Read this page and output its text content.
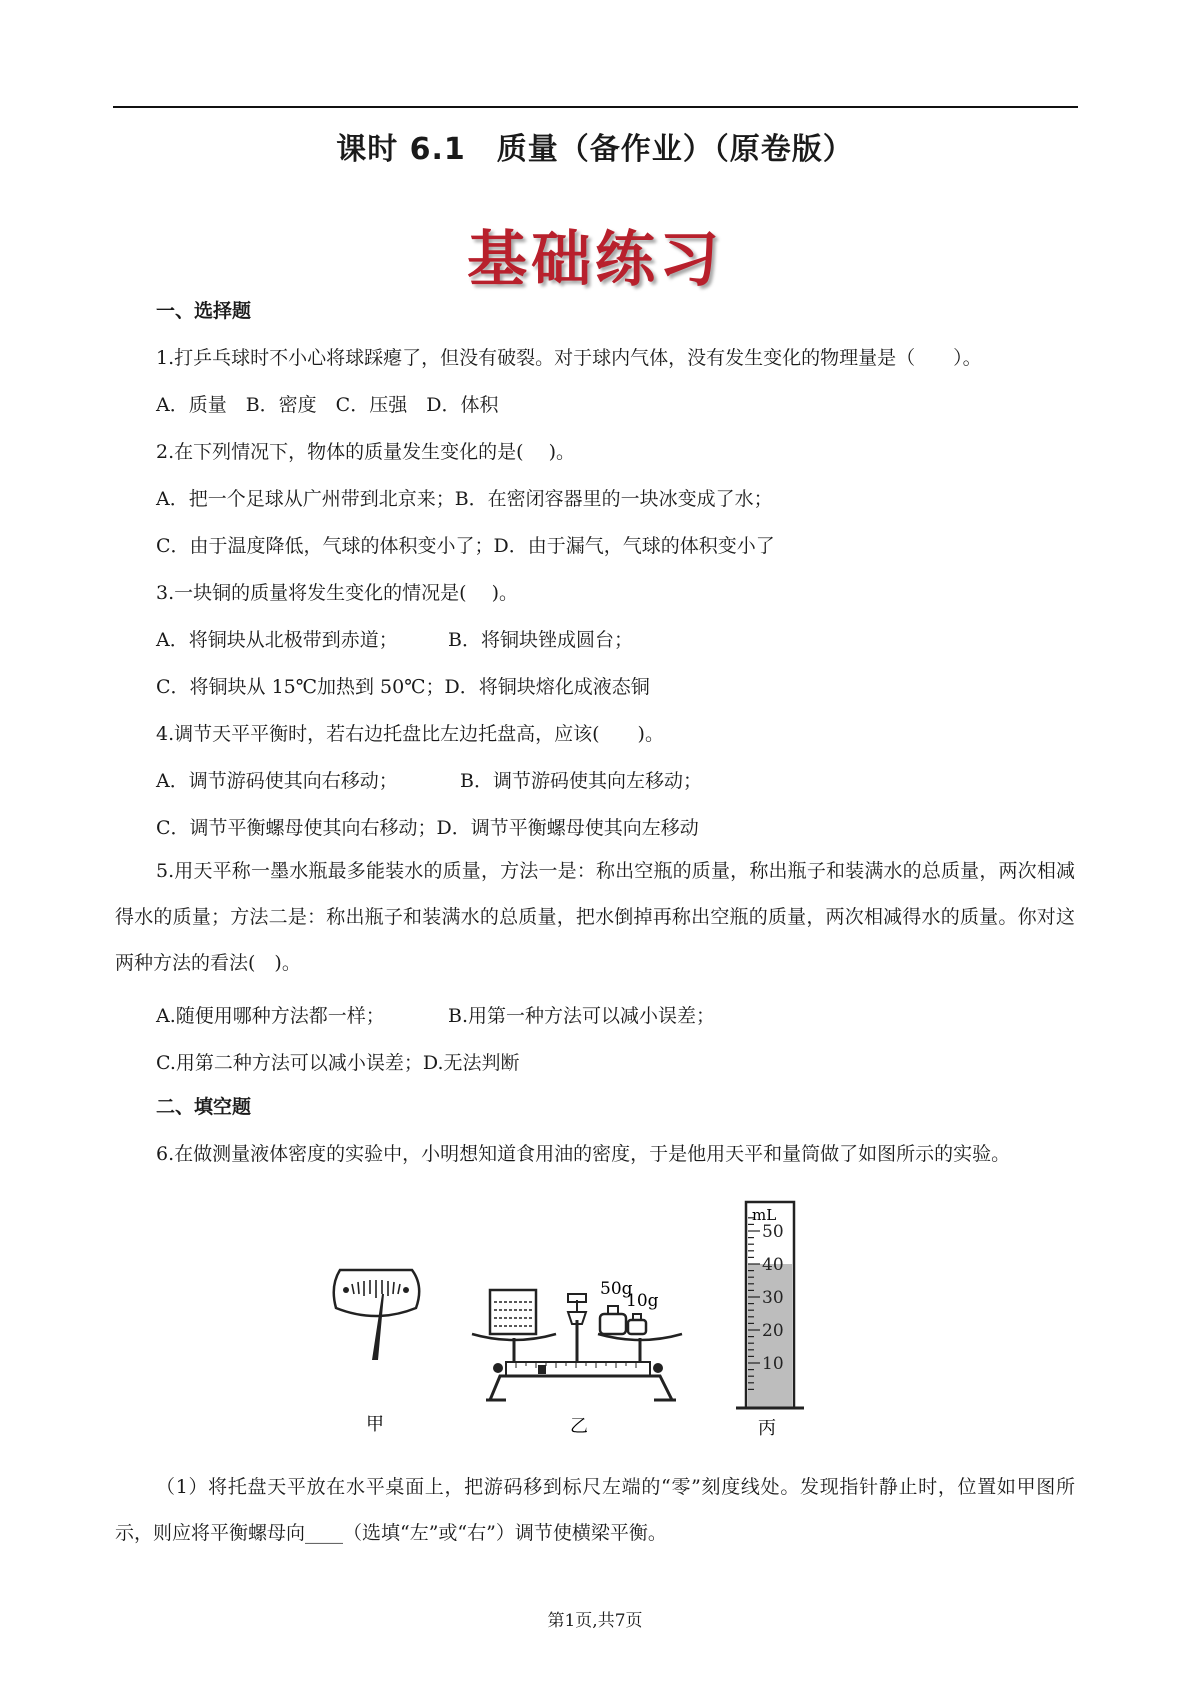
课时 6.1　质量（备作业）（原卷版）
基础练习
一、选择题
1.打乒乓球时不小心将球踩瘪了，但没有破裂。对于球内气体，没有发生变化的物理量是（　　）。
A．质量　B．密度　C．压强　D．体积
2.在下列情况下，物体的质量发生变化的是(　 )。
A．把一个足球从广州带到北京来；B．在密闭容器里的一块冰变成了水；
C．由于温度降低，气球的体积变小了；D．由于漏气，气球的体积变小了
3.一块铜的质量将发生变化的情况是(　 )。
A．将铜块从北极带到赤道；	B．将铜块锉成圆台；
C．将铜块从 15℃加热到 50℃；D．将铜块熔化成液态铜
4.调节天平平衡时，若右边托盘比左边托盘高，应该(　　)。
A．调节游码使其向右移动；	B．调节游码使其向左移动；
C．调节平衡螺母使其向右移动；D．调节平衡螺母使其向左移动
5.用天平称一墨水瓶最多能装水的质量，方法一是：称出空瓶的质量，称出瓶子和装满水的总质量，两次相减得水的质量；方法二是：称出瓶子和装满水的总质量，把水倒掉再称出空瓶的质量，两次相减得水的质量。你对这两种方法的看法(　)。
A.随便用哪种方法都一样；	B.用第一种方法可以减小误差；
C.用第二种方法可以减小误差；D.无法判断
二、填空题
6.在做测量液体密度的实验中，小明想知道食用油的密度，于是他用天平和量筒做了如图所示的实验。
甲
50g
10g
乙
mL
50
40
30
20
10
丙
（1）将托盘天平放在水平桌面上，把游码移到标尺左端的“零”刻度线处。发现指针静止时，位置如甲图所示，则应将平衡螺母向____（选填“左”或“右”）调节使横梁平衡。
第1页,共7页
